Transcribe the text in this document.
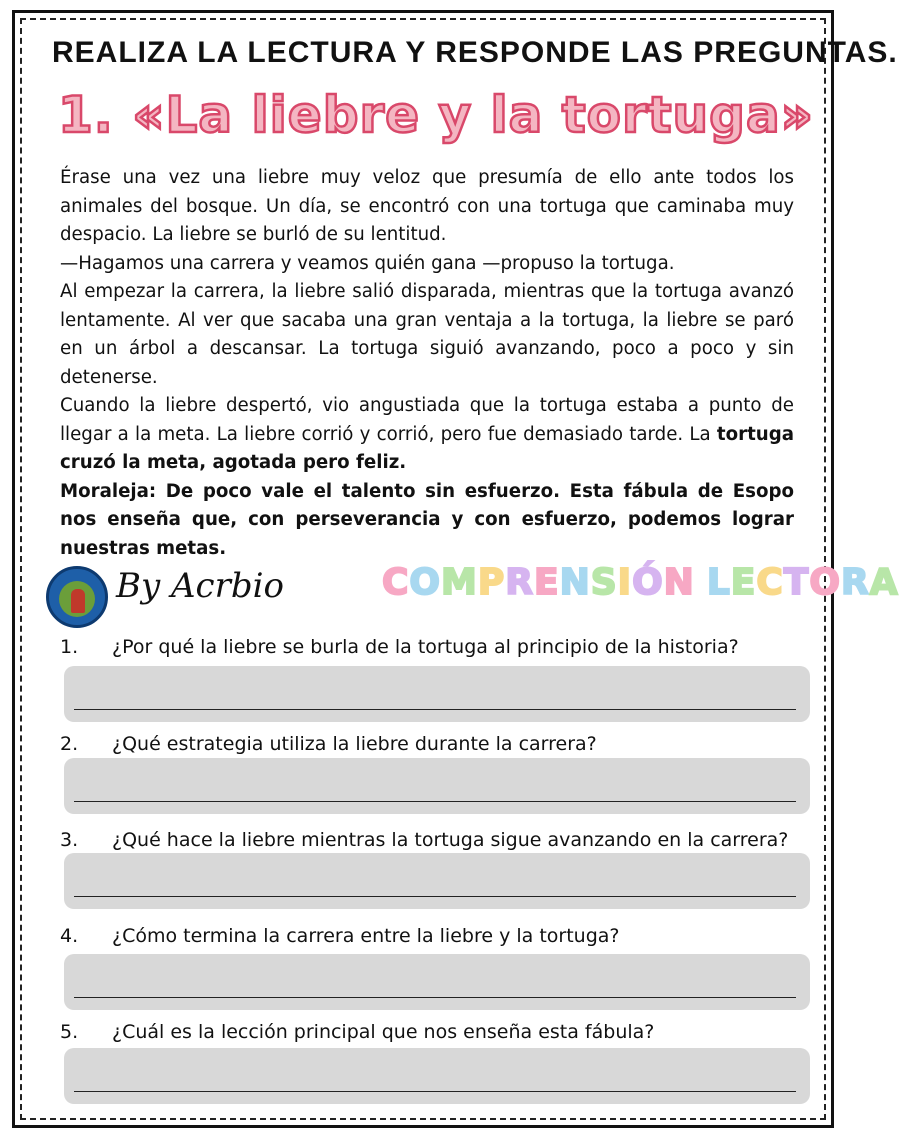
REALIZA LA LECTURA Y RESPONDE LAS PREGUNTAS.
1. «La liebre y la tortuga»

Érase una vez una liebre muy veloz que presumía de ello ante todos los animales del bosque. Un día, se encontró con una tortuga que caminaba muy despacio. La liebre se burló de su lentitud.

—Hagamos una carrera y veamos quién gana —propuso la tortuga.

Al empezar la carrera, la liebre salió disparada, mientras que la tortuga avanzó lentamente. Al ver que sacaba una gran ventaja a la tortuga, la liebre se paró en un árbol a descansar. La tortuga siguió avanzando, poco a poco y sin detenerse.

Cuando la liebre despertó, vio angustiada que la tortuga estaba a punto de llegar a la meta. La liebre corrió y corrió, pero fue demasiado tarde. La tortuga cruzó la meta, agotada pero feliz.

Moraleja: De poco vale el talento sin esfuerzo. Esta fábula de Esopo nos enseña que, con perseverancia y con esfuerzo, podemos lograr nuestras metas.

By Acrbio	COMPRENSIÓN LECTORA
1. ¿Por qué la liebre se burla de la tortuga al principio de la historia?
2. ¿Qué estrategia utiliza la liebre durante la carrera?
3. ¿Qué hace la liebre mientras la tortuga sigue avanzando en la carrera?
4. ¿Cómo termina la carrera entre la liebre y la tortuga?
5. ¿Cuál es la lección principal que nos enseña esta fábula?
